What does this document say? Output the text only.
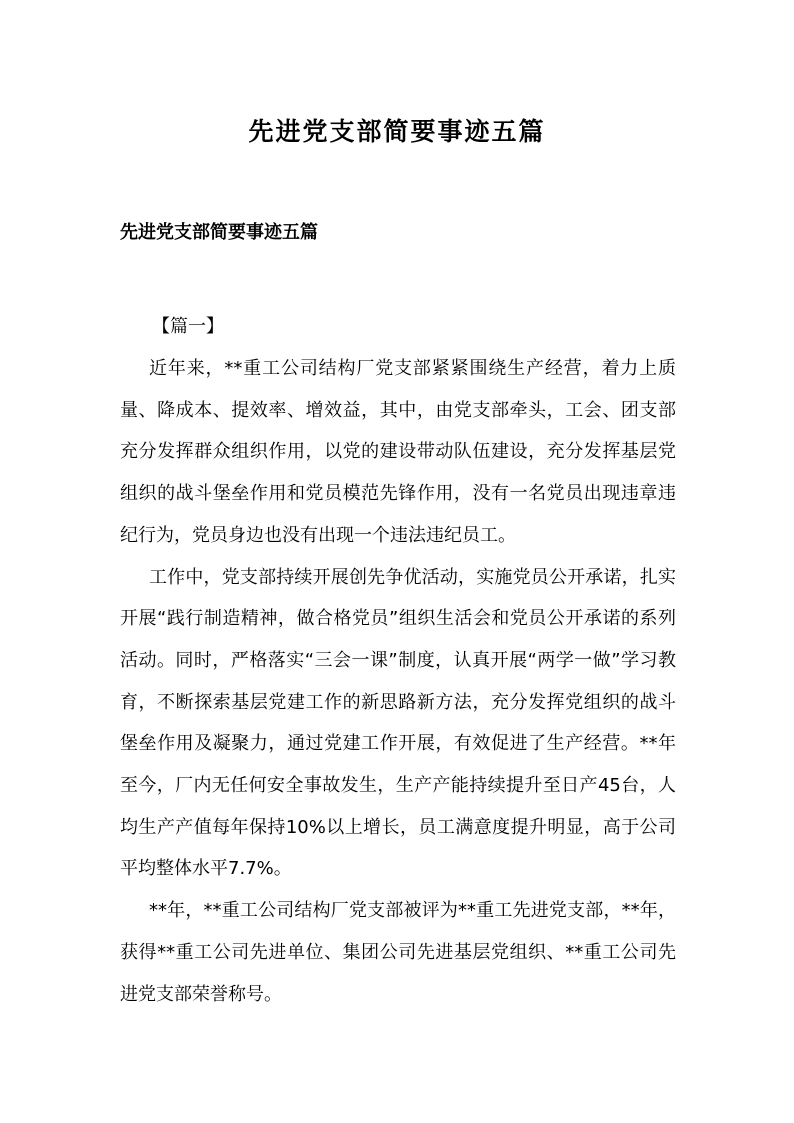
先进党支部简要事迹五篇
先进党支部简要事迹五篇

【篇一】

近年来，**重工公司结构厂党支部紧紧围绕生产经营，着力上质量、降成本、提效率、增效益，其中，由党支部牵头，工会、团支部充分发挥群众组织作用，以党的建设带动队伍建设，充分发挥基层党组织的战斗堡垒作用和党员模范先锋作用，没有一名党员出现违章违纪行为，党员身边也没有出现一个违法违纪员工。

工作中，党支部持续开展创先争优活动，实施党员公开承诺，扎实开展“践行制造精神，做合格党员”组织生活会和党员公开承诺的系列活动。同时，严格落实“三会一课”制度，认真开展“两学一做”学习教育，不断探索基层党建工作的新思路新方法，充分发挥党组织的战斗堡垒作用及凝聚力，通过党建工作开展，有效促进了生产经营。**年至今，厂内无任何安全事故发生，生产产能持续提升至日产45台，人均生产产值每年保持10%以上增长，员工满意度提升明显，高于公司平均整体水平7.7%。

**年，**重工公司结构厂党支部被评为**重工先进党支部，**年，获得**重工公司先进单位、集团公司先进基层党组织、**重工公司先进党支部荣誉称号。
